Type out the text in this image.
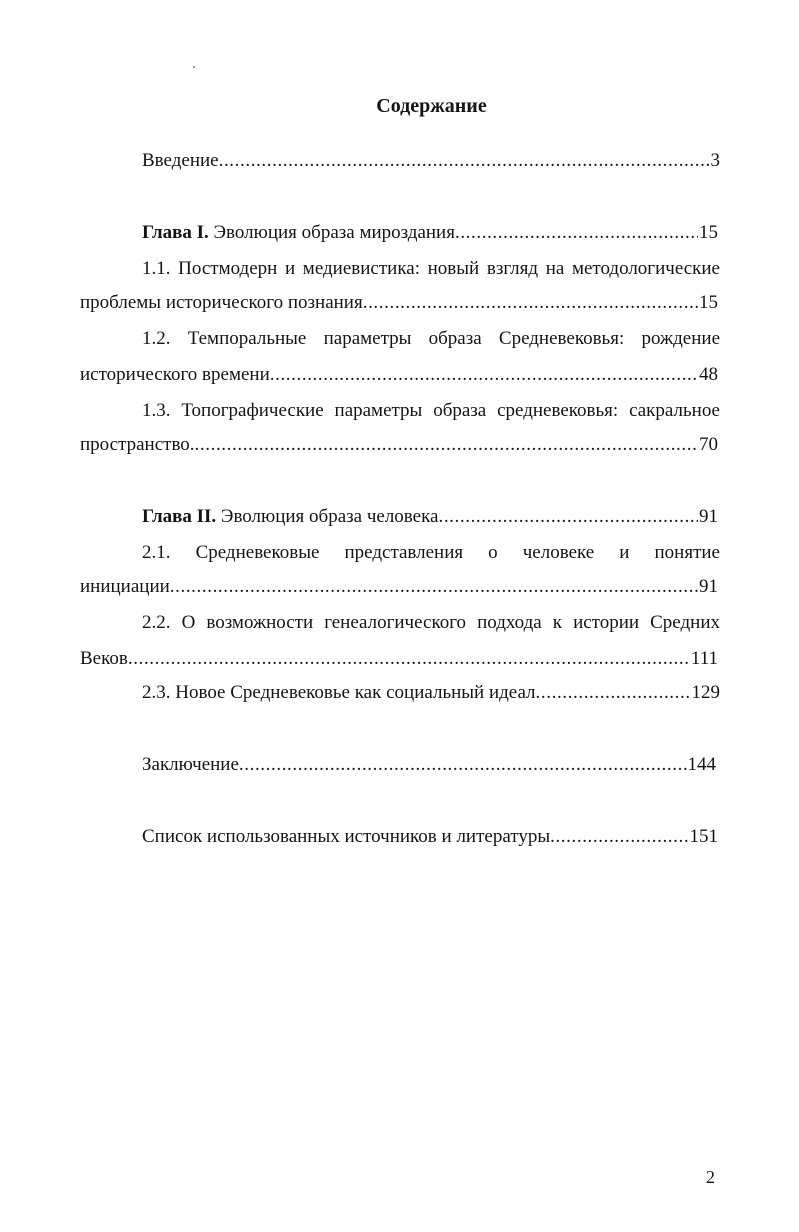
Содержание
Введение .....	3
Глава I. Эволюция образа мироздания .....	15
1.1. Постмодерн и медиевистика: новый взгляд на методологические
проблемы исторического познания .....	15
1.2. Темпоральные параметры образа Средневековья: рождение
исторического времени .....	48
1.3. Топографические параметры образа средневековья: сакральное
пространство. .....	70
Глава II. Эволюция образа человека .....	91
2.1. Средневековые представления о человеке и понятие
инициации .....	91
2.2. О возможности генеалогического подхода к истории Средних
Веков .....	111
2.3. Новое Средневековье как социальный идеал .....	129
Заключение .....	144
Список использованных источников и литературы .....	151
2
